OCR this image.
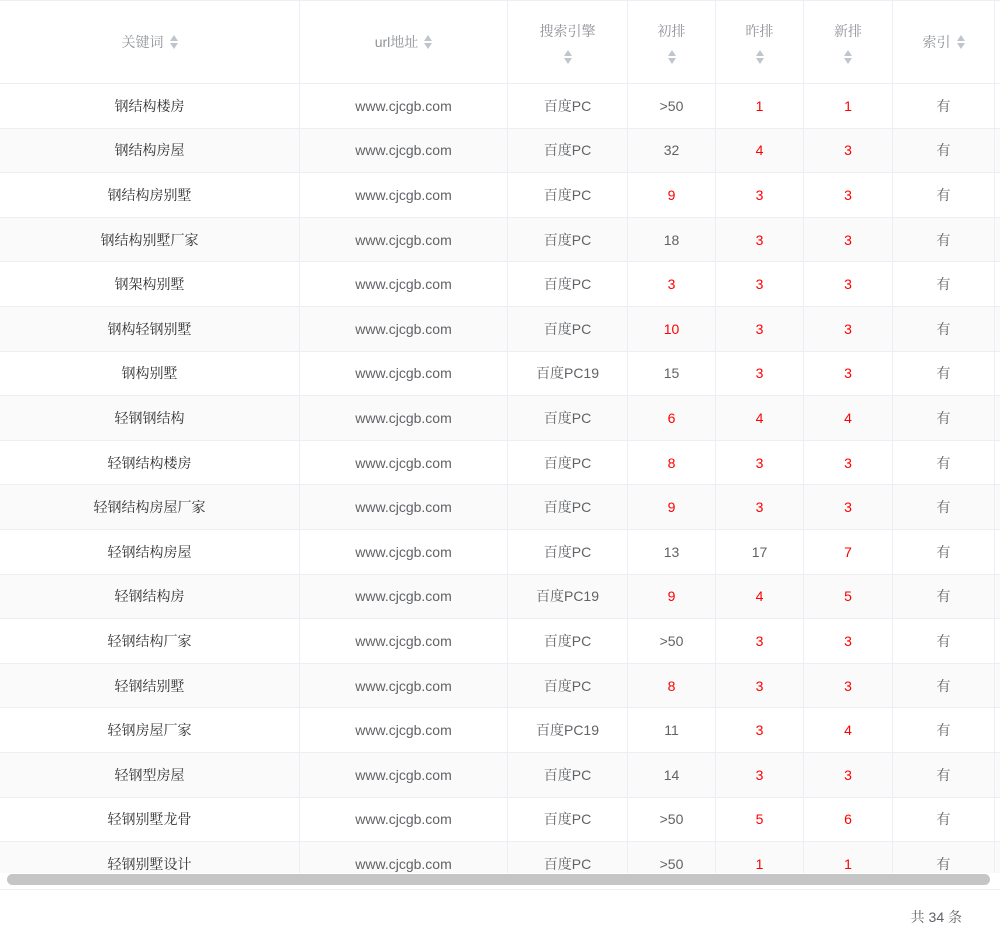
关键词	url地址	搜索引擎	初排	昨排	新排	索引	

钢结构楼房	www.cjcgb.com	百度PC	>50	1	1	有	
钢结构房屋	www.cjcgb.com	百度PC	32	4	3	有	
钢结构房别墅	www.cjcgb.com	百度PC	9	3	3	有	
钢结构别墅厂家	www.cjcgb.com	百度PC	18	3	3	有	
钢架构别墅	www.cjcgb.com	百度PC	3	3	3	有	
钢构轻钢别墅	www.cjcgb.com	百度PC	10	3	3	有	
钢构别墅	www.cjcgb.com	百度PC19	15	3	3	有	
轻钢钢结构	www.cjcgb.com	百度PC	6	4	4	有	
轻钢结构楼房	www.cjcgb.com	百度PC	8	3	3	有	
轻钢结构房屋厂家	www.cjcgb.com	百度PC	9	3	3	有	
轻钢结构房屋	www.cjcgb.com	百度PC	13	17	7	有	
轻钢结构房	www.cjcgb.com	百度PC19	9	4	5	有	
轻钢结构厂家	www.cjcgb.com	百度PC	>50	3	3	有	
轻钢结别墅	www.cjcgb.com	百度PC	8	3	3	有	
轻钢房屋厂家	www.cjcgb.com	百度PC19	11	3	4	有	
轻钢型房屋	www.cjcgb.com	百度PC	14	3	3	有	
轻钢别墅龙骨	www.cjcgb.com	百度PC	>50	5	6	有	
轻钢别墅设计	www.cjcgb.com	百度PC	>50	1	1	有	
共 34 条
